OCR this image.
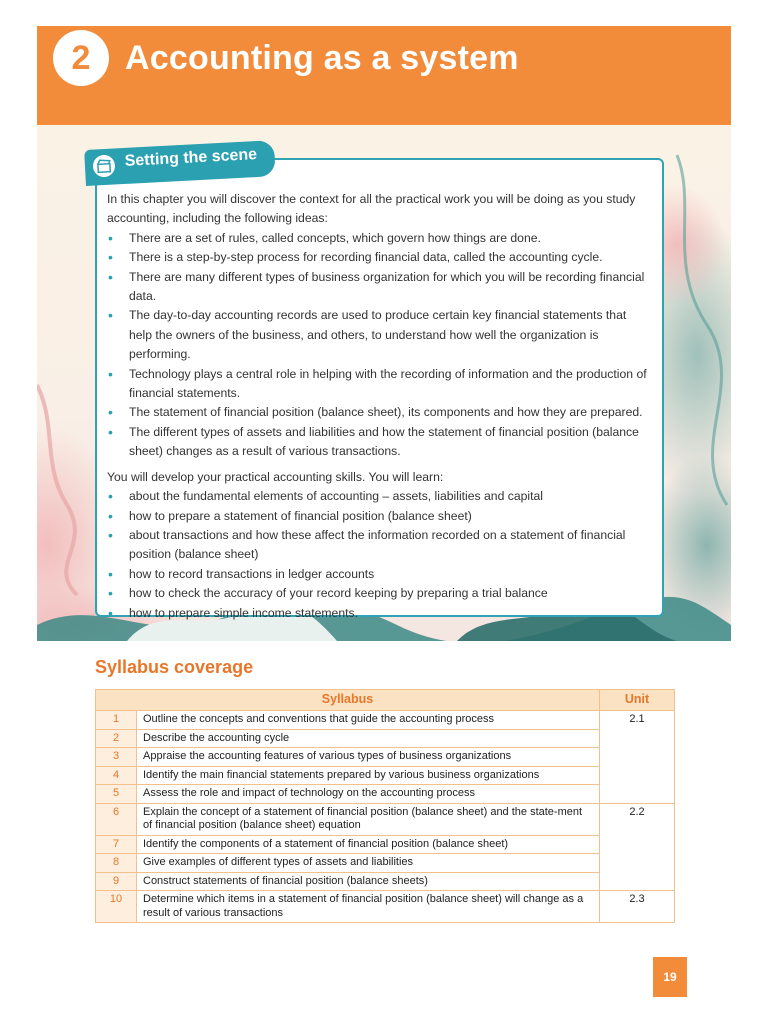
2 Accounting as a system
Setting the scene

In this chapter you will discover the context for all the practical work you will be doing as you study accounting, including the following ideas:

• There are a set of rules, called concepts, which govern how things are done.
• There is a step-by-step process for recording financial data, called the accounting cycle.
• There are many different types of business organization for which you will be recording financial data.
• The day-to-day accounting records are used to produce certain key financial statements that help the owners of the business, and others, to understand how well the organization is performing.
• Technology plays a central role in helping with the recording of information and the production of financial statements.
• The statement of financial position (balance sheet), its components and how they are prepared.
• The different types of assets and liabilities and how the statement of financial position (balance sheet) changes as a result of various transactions.

You will develop your practical accounting skills. You will learn:

• about the fundamental elements of accounting – assets, liabilities and capital
• how to prepare a statement of financial position (balance sheet)
• about transactions and how these affect the information recorded on a statement of financial position (balance sheet)
• how to record transactions in ledger accounts
• how to check the accuracy of your record keeping by preparing a trial balance
• how to prepare simple income statements.
Syllabus coverage
Syllabus		Unit
1	Outline the concepts and conventions that guide the accounting process	2.1
2	Describe the accounting cycle	
3	Appraise the accounting features of various types of business organizations	
4	Identify the main financial statements prepared by various business organizations	
5	Assess the role and impact of technology on the accounting process	
6	Explain the concept of a statement of financial position (balance sheet) and the state-ment of financial position (balance sheet) equation	2.2
7	Identify the components of a statement of financial position (balance sheet)	
8	Give examples of different types of assets and liabilities	
9	Construct statements of financial position (balance sheets)	
10	Determine which items in a statement of financial position (balance sheet) will change as a result of various transactions	2.3
19
